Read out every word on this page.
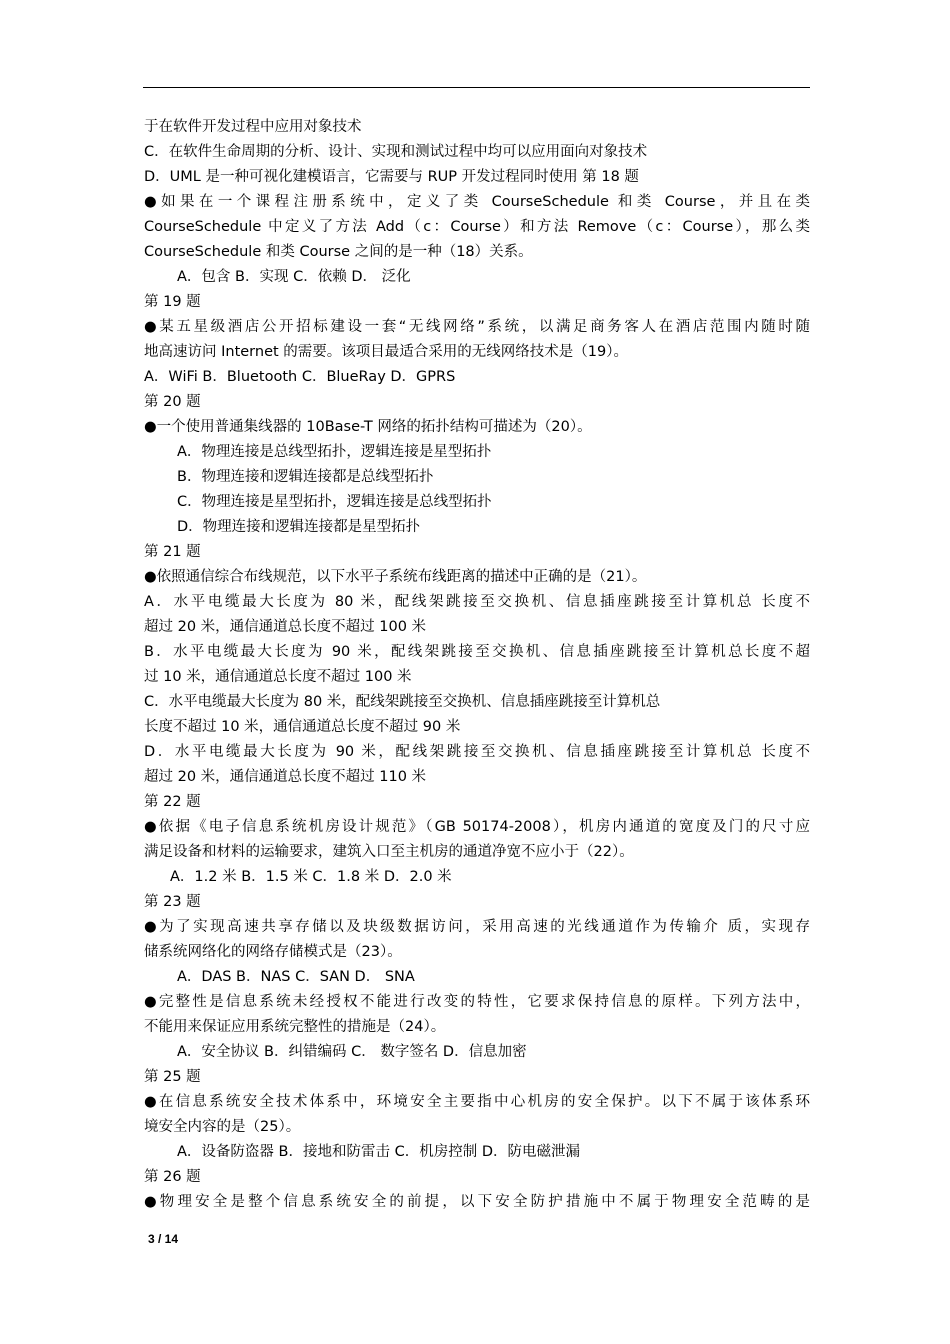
于在软件开发过程中应用对象技术
C．在软件生命周期的分析、设计、实现和测试过程中均可以应用面向对象技术
D．UML 是一种可视化建模语言，它需要与 RUP 开发过程同时使用 第 18 题
●如果在一个课程注册系统中，定义了类 CourseSchedule 和类 Course，并且在类
CourseSchedule 中定义了方法 Add（c：Course）和方法 Remove（c：Course），那么类
CourseSchedule 和类 Course 之间的是一种（18）关系。
A．包含 B．实现 C．依赖 D． 泛化
第 19 题
●某五星级酒店公开招标建设一套“无线网络”系统，以满足商务客人在酒店范围内随时随
地高速访问 Internet 的需要。该项目最适合采用的无线网络技术是（19）。
A．WiFi B．Bluetooth C．BlueRay D．GPRS
第 20 题
●一个使用普通集线器的 10Base-T 网络的拓扑结构可描述为（20）。
A．物理连接是总线型拓扑，逻辑连接是星型拓扑
B．物理连接和逻辑连接都是总线型拓扑
C．物理连接是星型拓扑，逻辑连接是总线型拓扑
D．物理连接和逻辑连接都是星型拓扑
第 21 题
●依照通信综合布线规范，以下水平子系统布线距离的描述中正确的是（21）。
A．水平电缆最大长度为 80 米，配线架跳接至交换机、信息插座跳接至计算机总 长度不
超过 20 米，通信通道总长度不超过 100 米
B．水平电缆最大长度为 90 米，配线架跳接至交换机、信息插座跳接至计算机总长度不超
过 10 米，通信通道总长度不超过 100 米
C．水平电缆最大长度为 80 米，配线架跳接至交换机、信息插座跳接至计算机总
长度不超过 10 米，通信通道总长度不超过 90 米
D．水平电缆最大长度为 90 米，配线架跳接至交换机、信息插座跳接至计算机总 长度不
超过 20 米，通信通道总长度不超过 110 米
第 22 题
●依据《电子信息系统机房设计规范》（GB 50174-2008），机房内通道的宽度及门的尺寸应
满足设备和材料的运输要求，建筑入口至主机房的通道净宽不应小于（22）。
A．1.2 米 B．1.5 米 C．1.8 米 D．2.0 米
第 23 题
●为了实现高速共享存储以及块级数据访问，采用高速的光线通道作为传输介 质，实现存
储系统网络化的网络存储模式是（23）。
A．DAS B．NAS C．SAN D． SNA
●完整性是信息系统未经授权不能进行改变的特性，它要求保持信息的原样。下列方法中，
不能用来保证应用系统完整性的措施是（24）。
A．安全协议 B．纠错编码 C． 数字签名 D．信息加密
第 25 题
●在信息系统安全技术体系中，环境安全主要指中心机房的安全保护。以下不属于该体系环
境安全内容的是（25）。
A．设备防盗器 B．接地和防雷击 C．机房控制 D．防电磁泄漏
第 26 题
●物理安全是整个信息系统安全的前提，以下安全防护措施中不属于物理安全范畴的是
3 / 14
